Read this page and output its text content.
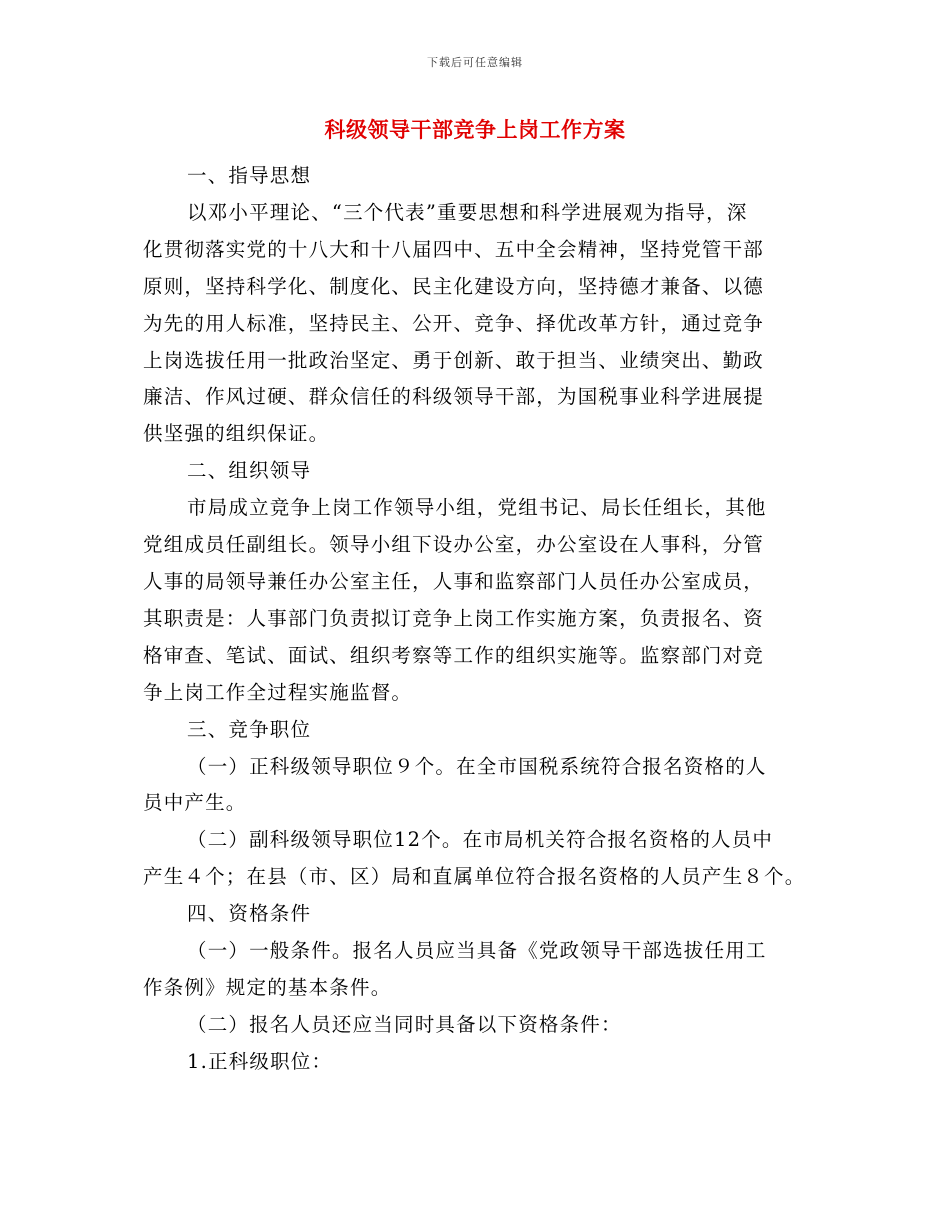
下载后可任意编辑
科级领导干部竞争上岗工作方案
一、指导思想
以邓小平理论、“三个代表”重要思想和科学进展观为指导，深
化贯彻落实党的十八大和十八届四中、五中全会精神，坚持党管干部
原则，坚持科学化、制度化、民主化建设方向，坚持德才兼备、以德
为先的用人标准，坚持民主、公开、竞争、择优改革方针，通过竞争
上岗选拔任用一批政治坚定、勇于创新、敢于担当、业绩突出、勤政
廉洁、作风过硬、群众信任的科级领导干部，为国税事业科学进展提
供坚强的组织保证。
二、组织领导
市局成立竞争上岗工作领导小组，党组书记、局长任组长，其他
党组成员任副组长。领导小组下设办公室，办公室设在人事科，分管
人事的局领导兼任办公室主任，人事和监察部门人员任办公室成员，
其职责是：人事部门负责拟订竞争上岗工作实施方案，负责报名、资
格审查、笔试、面试、组织考察等工作的组织实施等。监察部门对竞
争上岗工作全过程实施监督。
三、竞争职位
（一）正科级领导职位９个。在全市国税系统符合报名资格的人
员中产生。
（二）副科级领导职位12个。在市局机关符合报名资格的人员中
产生４个；在县（市、区）局和直属单位符合报名资格的人员产生８个。
四、资格条件
（一）一般条件。报名人员应当具备《党政领导干部选拔任用工
作条例》规定的基本条件。
（二）报名人员还应当同时具备以下资格条件：
1.正科级职位：
